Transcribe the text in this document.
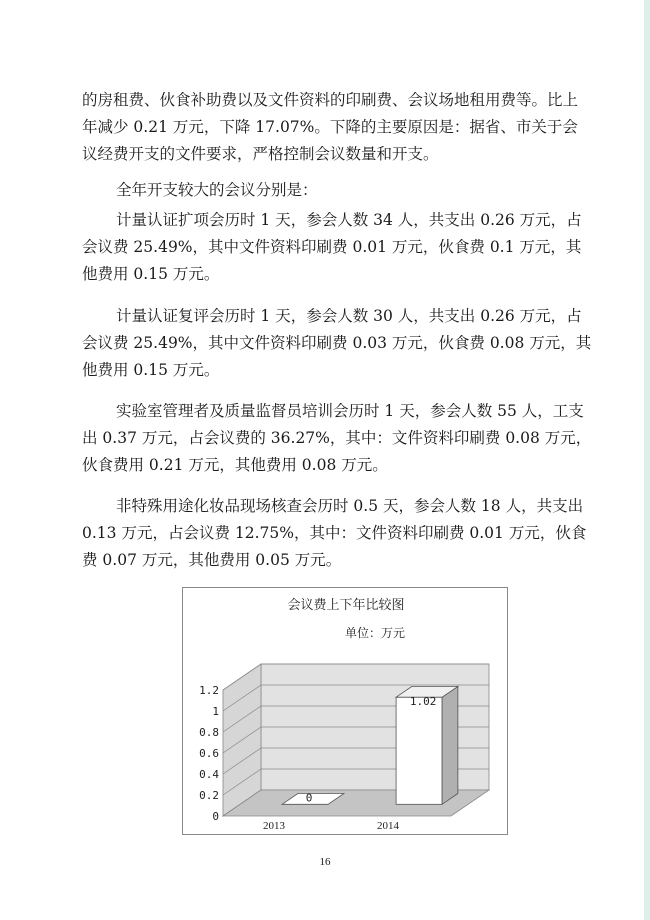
的房租费、伙食补助费以及文件资料的印刷费、会议场地租用费等。比上年减少 0.21 万元，下降 17.07%。下降的主要原因是：据省、市关于会议经费开支的文件要求，严格控制会议数量和开支。

全年开支较大的会议分别是：

计量认证扩项会历时 1 天，参会人数 34 人，共支出 0.26 万元，占会议费 25.49%，其中文件资料印刷费 0.01 万元，伙食费 0.1 万元，其他费用 0.15 万元。

计量认证复评会历时 1 天，参会人数 30 人，共支出 0.26 万元，占会议费 25.49%，其中文件资料印刷费 0.03 万元，伙食费 0.08 万元，其他费用 0.15 万元。

实验室管理者及质量监督员培训会历时 1 天，参会人数 55 人，工支出 0.37 万元，占会议费的 36.27%，其中：文件资料印刷费 0.08 万元，伙食费用 0.21 万元，其他费用 0.08 万元。

非特殊用途化妆品现场核查会历时 0.5 天，参会人数 18 人，共支出 0.13 万元，占会议费 12.75%，其中：文件资料印刷费 0.01 万元，伙食费 0.07 万元，其他费用 0.05 万元。

会议费上下年比较图
单位：万元
0
0.2
0.4
0.6
0.8
1
1.2
0
2013
1.02
2014
16
